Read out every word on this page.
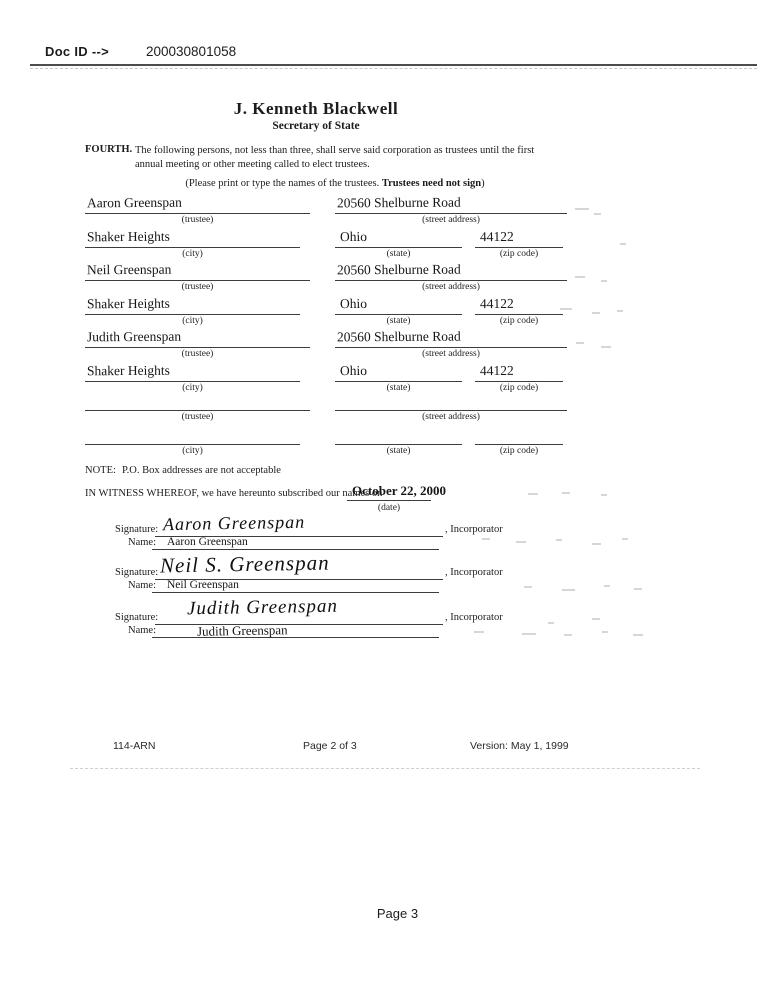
Doc ID -->	200030801058
J. Kenneth Blackwell
Secretary of State
FOURTH. The following persons, not less than three, shall serve said corporation as trustees until the first annual meeting or other meeting called to elect trustees.
(Please print or type the names of the trustees. Trustees need not sign)
Aaron Greenspan
(trustee)
20560 Shelburne Road
(street address)
Shaker Heights
(city)
Ohio
(state)
44122
(zip code)
Neil Greenspan
(trustee)
20560 Shelburne Road
(street address)
Shaker Heights
(city)
Ohio
(state)
44122
(zip code)
Judith Greenspan
(trustee)
20560 Shelburne Road
(street address)
Shaker Heights
(city)
Ohio
(state)
44122
(zip code)
(trustee)	(street address)
(city)	(state)	(zip code)
NOTE: P.O. Box addresses are not acceptable
IN WITNESS WHEREOF, we have hereunto subscribed our names on
October 22, 2000
(date)
Signature: Aaron Greenspan	, Incorporator
Name: Aaron Greenspan
Signature: Neil S. Greenspan	, Incorporator
Name: Neil Greenspan
Signature: Judith Greenspan	, Incorporator
Name:	Judith Greenspan
114-ARN	Page 2 of 3	Version: May 1, 1999
Page 3
